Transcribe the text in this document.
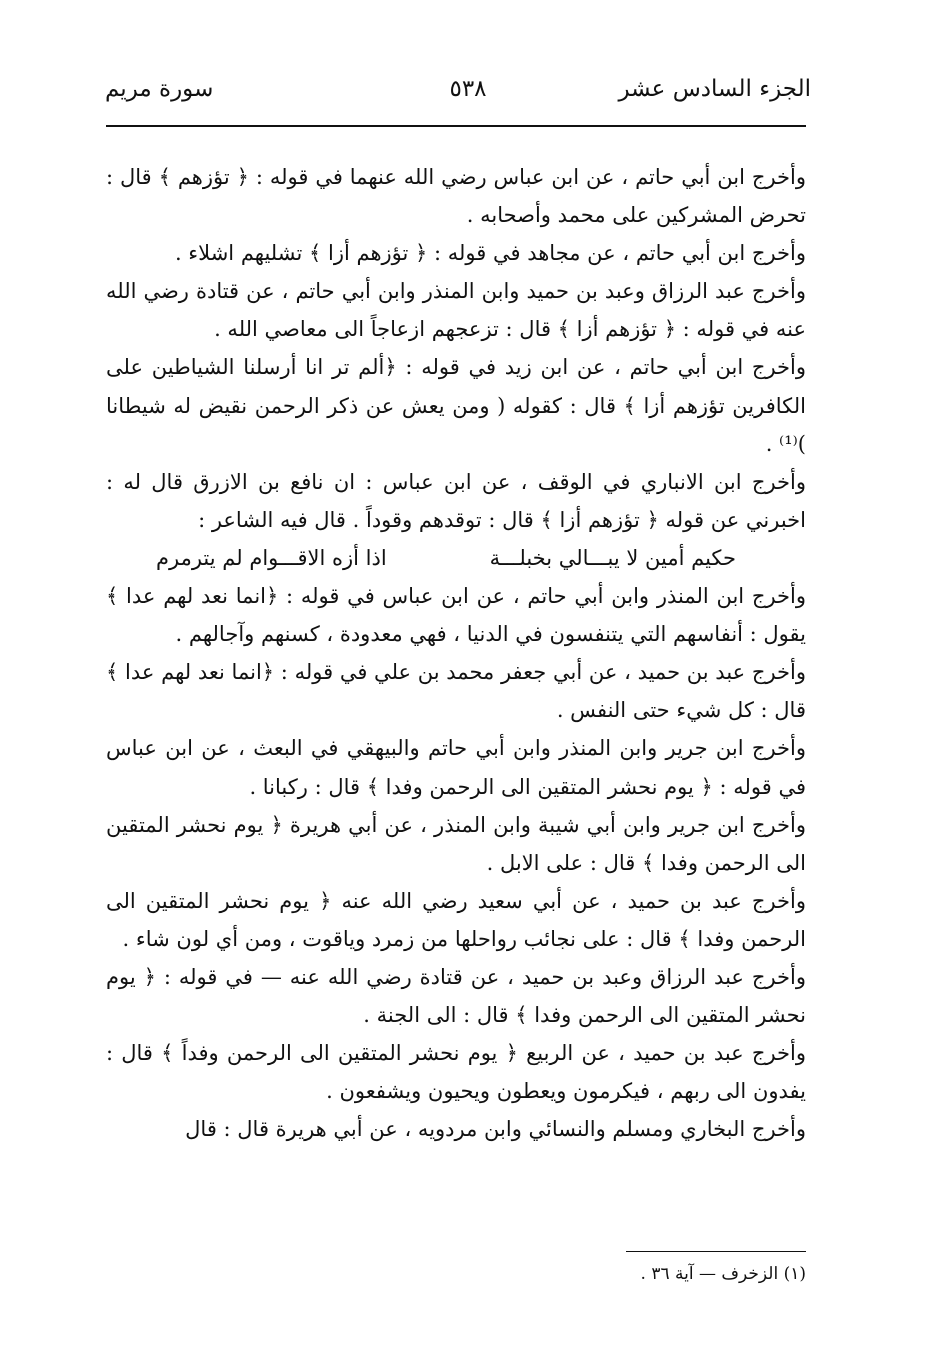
الجزء السادس عشر
٥٣٨
سورة مريم

وأخرج ابن أبي حاتم ، عن ابن عباس رضي الله عنهما في قوله : ﴿ تؤزهم ﴾ قال : تحرض المشركين على محمد وأصحابه .

وأخرج ابن أبي حاتم ، عن مجاهد في قوله : ﴿ تؤزهم أزا ﴾ تشليهم اشلاء .

وأخرج عبد الرزاق وعبد بن حميد وابن المنذر وابن أبي حاتم ، عن قتادة رضي الله عنه في قوله : ﴿ تؤزهم أزا ﴾ قال : تزعجهم ازعاجاً الى معاصي الله .

وأخرج ابن أبي حاتم ، عن ابن زيد في قوله : ﴿ألم تر انا أرسلنا الشياطين على الكافرين تؤزهم أزا ﴾ قال : كقوله ( ومن يعش عن ذكر الرحمن نقيض له شيطانا )⁽¹⁾ .

وأخرج ابن الانباري في الوقف ، عن ابن عباس : ان نافع بن الازرق قال له : اخبرني عن قوله ﴿ تؤزهم أزا ﴾ قال : توقدهم وقوداً . قال فيه الشاعر :

حكيم أمين لا يبـــالي بخبلـــة
اذا أزه الاقـــوام لم يترمرم

وأخرج ابن المنذر وابن أبي حاتم ، عن ابن عباس في قوله : ﴿انما نعد لهم عدا ﴾ يقول : أنفاسهم التي يتنفسون في الدنيا ، فهي معدودة ، كسنهم وآجالهم .

وأخرج عبد بن حميد ، عن أبي جعفر محمد بن علي في قوله : ﴿انما نعد لهم عدا ﴾ قال : كل شيء حتى النفس .

وأخرج ابن جرير وابن المنذر وابن أبي حاتم والبيهقي في البعث ، عن ابن عباس في قوله : ﴿ يوم نحشر المتقين الى الرحمن وفدا ﴾ قال : ركبانا .

وأخرج ابن جرير وابن أبي شيبة وابن المنذر ، عن أبي هريرة ﴿ يوم نحشر المتقين الى الرحمن وفدا ﴾ قال : على الابل .

وأخرج عبد بن حميد ، عن أبي سعيد رضي الله عنه ﴿ يوم نحشر المتقين الى الرحمن وفدا ﴾ قال : على نجائب رواحلها من زمرد وياقوت ، ومن أي لون شاء .

وأخرج عبد الرزاق وعبد بن حميد ، عن قتادة رضي الله عنه — في قوله : ﴿ يوم نحشر المتقين الى الرحمن وفدا ﴾ قال : الى الجنة .

وأخرج عبد بن حميد ، عن الربيع ﴿ يوم نحشر المتقين الى الرحمن وفداً ﴾ قال : يفدون الى ربهم ، فيكرمون ويعطون ويحيون ويشفعون .

وأخرج البخاري ومسلم والنسائي وابن مردويه ، عن أبي هريرة قال : قال

(١) الزخرف — آية ٣٦ .
